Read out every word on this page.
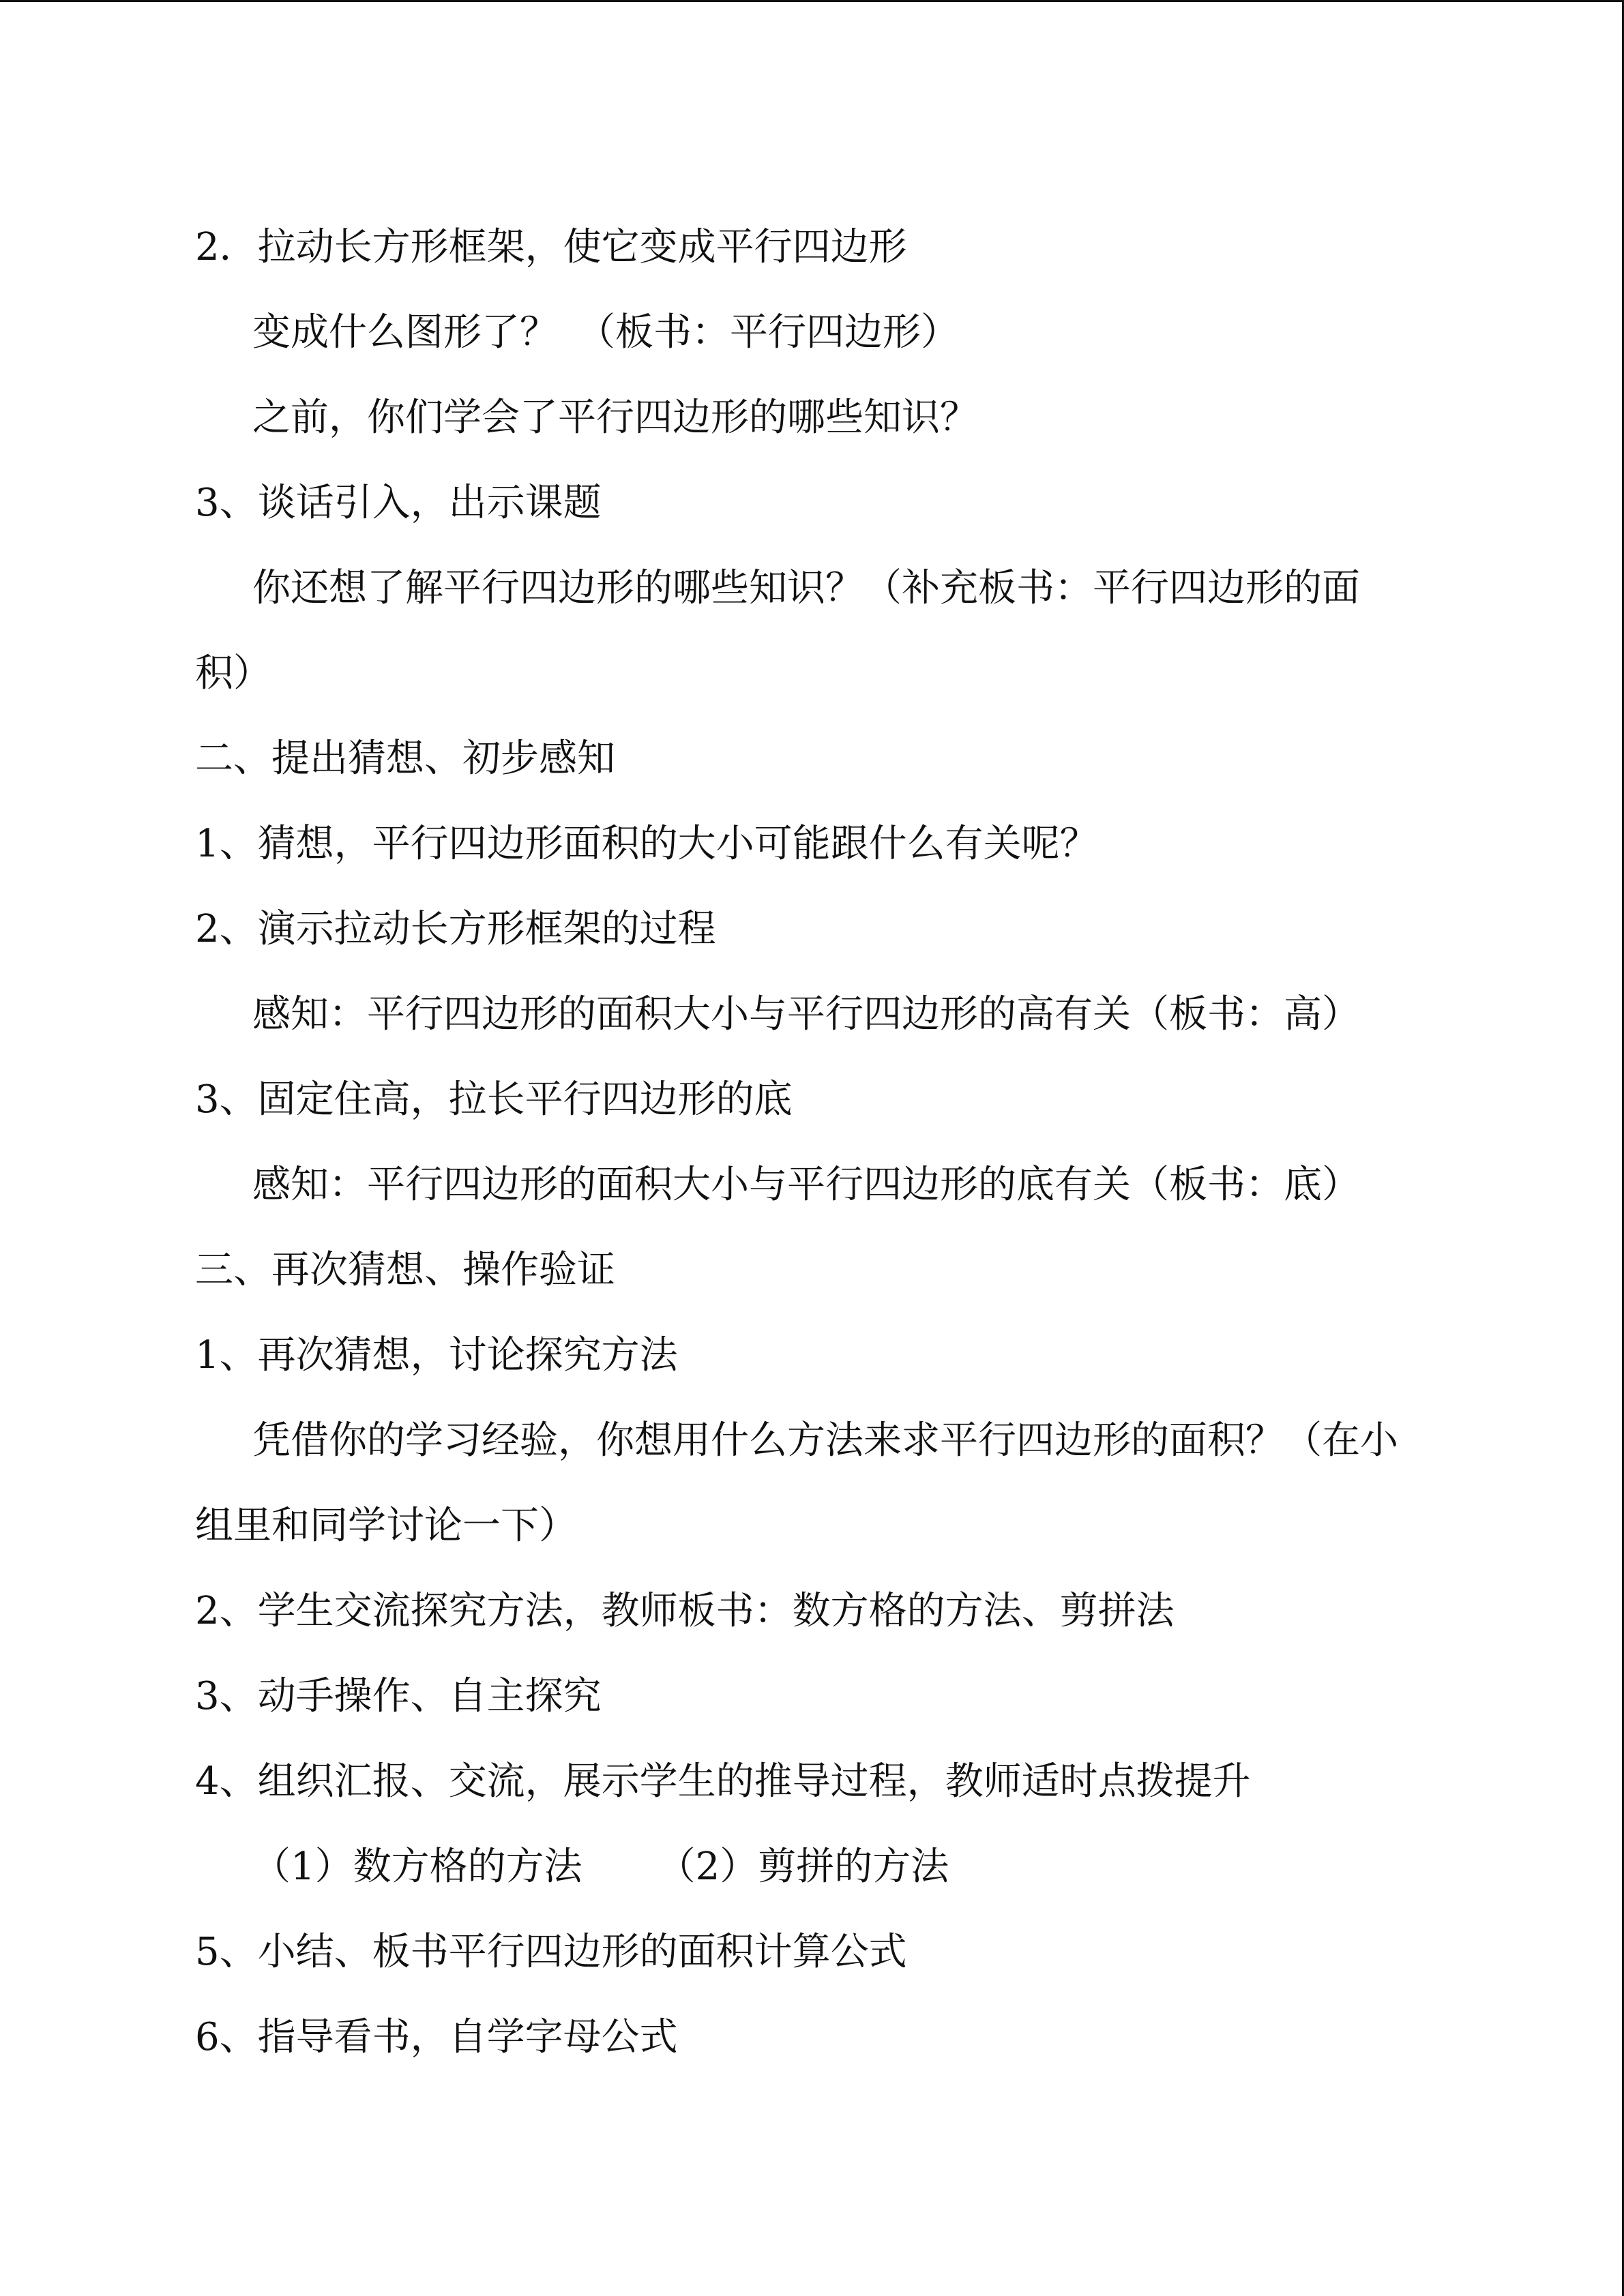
2．拉动长方形框架，使它变成平行四边形
变成什么图形了？　（板书：平行四边形）
之前，你们学会了平行四边形的哪些知识？
3、谈话引入，出示课题
你还想了解平行四边形的哪些知识？（补充板书：平行四边形的面
积）
二、提出猜想、初步感知
1、猜想，平行四边形面积的大小可能跟什么有关呢？
2、演示拉动长方形框架的过程
感知：平行四边形的面积大小与平行四边形的高有关（板书：高）
3、固定住高，拉长平行四边形的底
感知：平行四边形的面积大小与平行四边形的底有关（板书：底）
三、再次猜想、操作验证
1、再次猜想，讨论探究方法
凭借你的学习经验，你想用什么方法来求平行四边形的面积？（在小
组里和同学讨论一下）
2、学生交流探究方法，教师板书：数方格的方法、剪拼法
3、动手操作、自主探究
4、组织汇报、交流，展示学生的推导过程，教师适时点拨提升
（1）数方格的方法 （2）剪拼的方法
5、小结、板书平行四边形的面积计算公式
6、指导看书，自学字母公式
